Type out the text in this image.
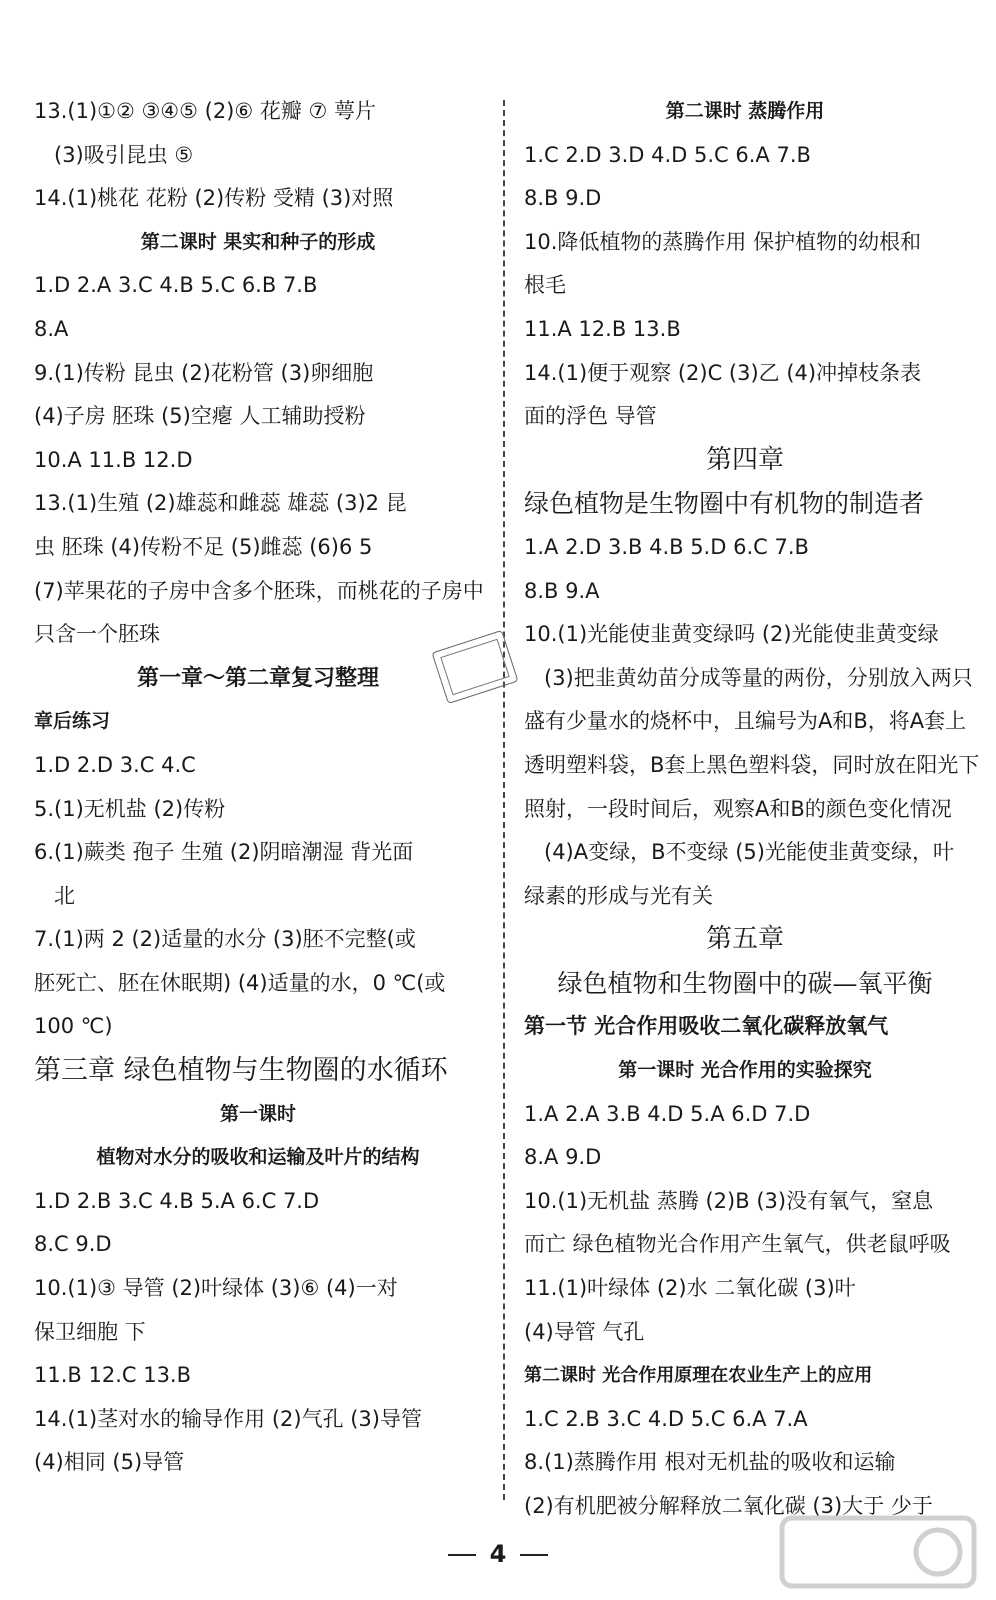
13.(1)①② ③④⑤ (2)⑥ 花瓣 ⑦ 萼片
(3)吸引昆虫 ⑤
14.(1)桃花 花粉 (2)传粉 受精 (3)对照
第二课时 果实和种子的形成
1.D 2.A 3.C 4.B 5.C 6.B 7.B
8.A
9.(1)传粉 昆虫 (2)花粉管 (3)卵细胞
(4)子房 胚珠 (5)空瘪 人工辅助授粉
10.A 11.B 12.D
13.(1)生殖 (2)雄蕊和雌蕊 雄蕊 (3)2 昆
虫 胚珠 (4)传粉不足 (5)雌蕊 (6)6 5
(7)苹果花的子房中含多个胚珠，而桃花的子房中
只含一个胚珠
第一章～第二章复习整理
章后练习
1.D 2.D 3.C 4.C
5.(1)无机盐 (2)传粉
6.(1)蕨类 孢子 生殖 (2)阴暗潮湿 背光面
北
7.(1)两 2 (2)适量的水分 (3)胚不完整(或
胚死亡、胚在休眠期) (4)适量的水，0 ℃(或
100 ℃)
第三章 绿色植物与生物圈的水循环
第一课时
植物对水分的吸收和运输及叶片的结构
1.D 2.B 3.C 4.B 5.A 6.C 7.D
8.C 9.D
10.(1)③ 导管 (2)叶绿体 (3)⑥ (4)一对
保卫细胞 下
11.B 12.C 13.B
14.(1)茎对水的输导作用 (2)气孔 (3)导管
(4)相同 (5)导管
第二课时 蒸腾作用
1.C 2.D 3.D 4.D 5.C 6.A 7.B
8.B 9.D
10.降低植物的蒸腾作用 保护植物的幼根和
根毛
11.A 12.B 13.B
14.(1)便于观察 (2)C (3)乙 (4)冲掉枝条表
面的浮色 导管
第四章
绿色植物是生物圈中有机物的制造者
1.A 2.D 3.B 4.B 5.D 6.C 7.B
8.B 9.A
10.(1)光能使韭黄变绿吗 (2)光能使韭黄变绿
(3)把韭黄幼苗分成等量的两份，分别放入两只
盛有少量水的烧杯中，且编号为A和B，将A套上
透明塑料袋，B套上黑色塑料袋，同时放在阳光下
照射，一段时间后，观察A和B的颜色变化情况
(4)A变绿，B不变绿 (5)光能使韭黄变绿，叶
绿素的形成与光有关
第五章
绿色植物和生物圈中的碳—氧平衡
第一节 光合作用吸收二氧化碳释放氧气
第一课时 光合作用的实验探究
1.A 2.A 3.B 4.D 5.A 6.D 7.D
8.A 9.D
10.(1)无机盐 蒸腾 (2)B (3)没有氧气，窒息
而亡 绿色植物光合作用产生氧气，供老鼠呼吸
11.(1)叶绿体 (2)水 二氧化碳 (3)叶
(4)导管 气孔
第二课时 光合作用原理在农业生产上的应用
1.C 2.B 3.C 4.D 5.C 6.A 7.A
8.(1)蒸腾作用 根对无机盐的吸收和运输
(2)有机肥被分解释放二氧化碳 (3)大于 少于
4
